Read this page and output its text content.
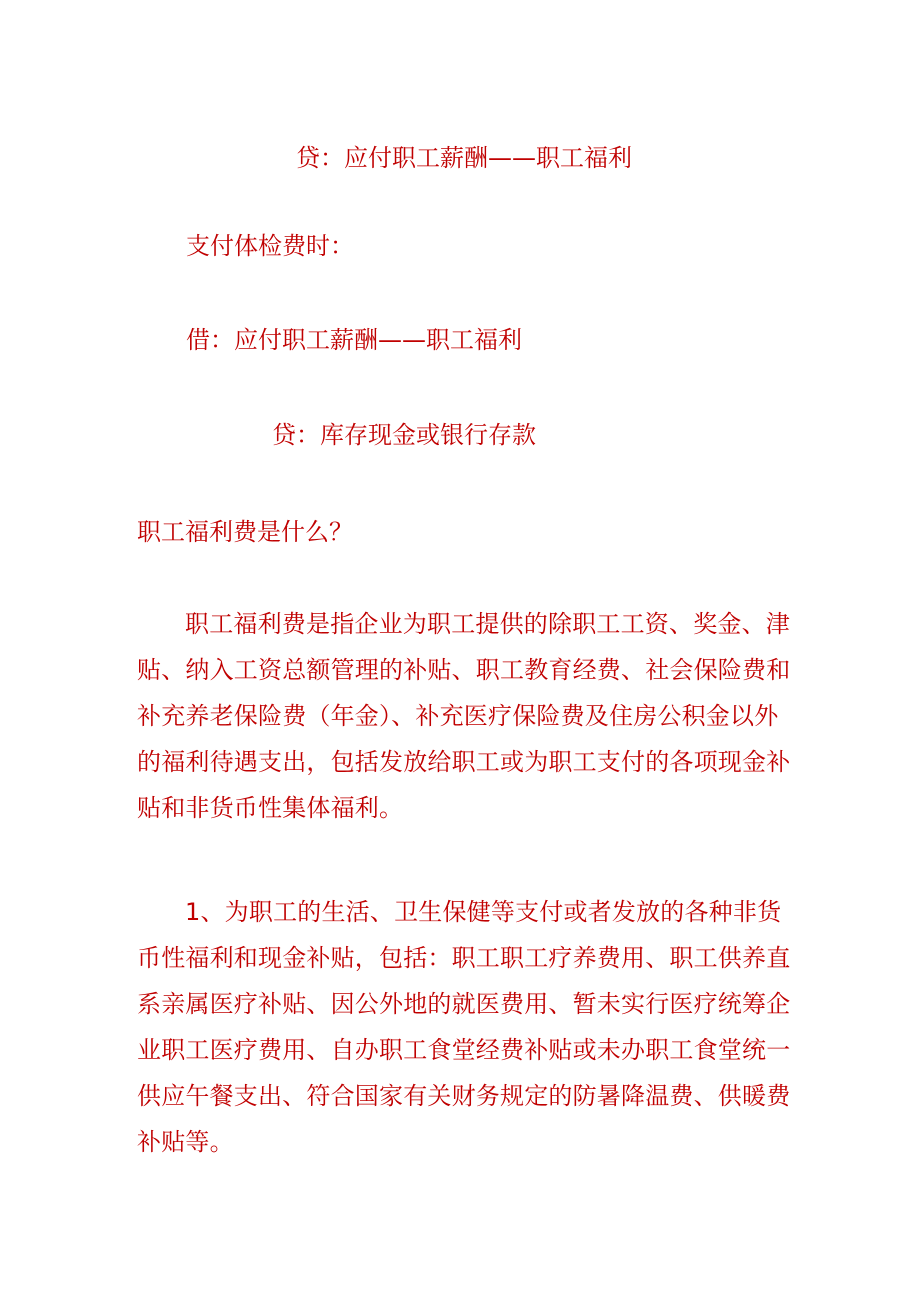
贷：应付职工薪酬——职工福利
支付体检费时：
借：应付职工薪酬——职工福利
贷：库存现金或银行存款
职工福利费是什么？
职工福利费是指企业为职工提供的除职工工资、奖金、津贴、纳入工资总额管理的补贴、职工教育经费、社会保险费和补充养老保险费（年金）、补充医疗保险费及住房公积金以外的福利待遇支出，包括发放给职工或为职工支付的各项现金补贴和非货币性集体福利。
1、为职工的生活、卫生保健等支付或者发放的各种非货币性福利和现金补贴，包括：职工职工疗养费用、职工供养直系亲属医疗补贴、因公外地的就医费用、暂未实行医疗统筹企业职工医疗费用、自办职工食堂经费补贴或未办职工食堂统一供应午餐支出、符合国家有关财务规定的防暑降温费、供暖费补贴等。
